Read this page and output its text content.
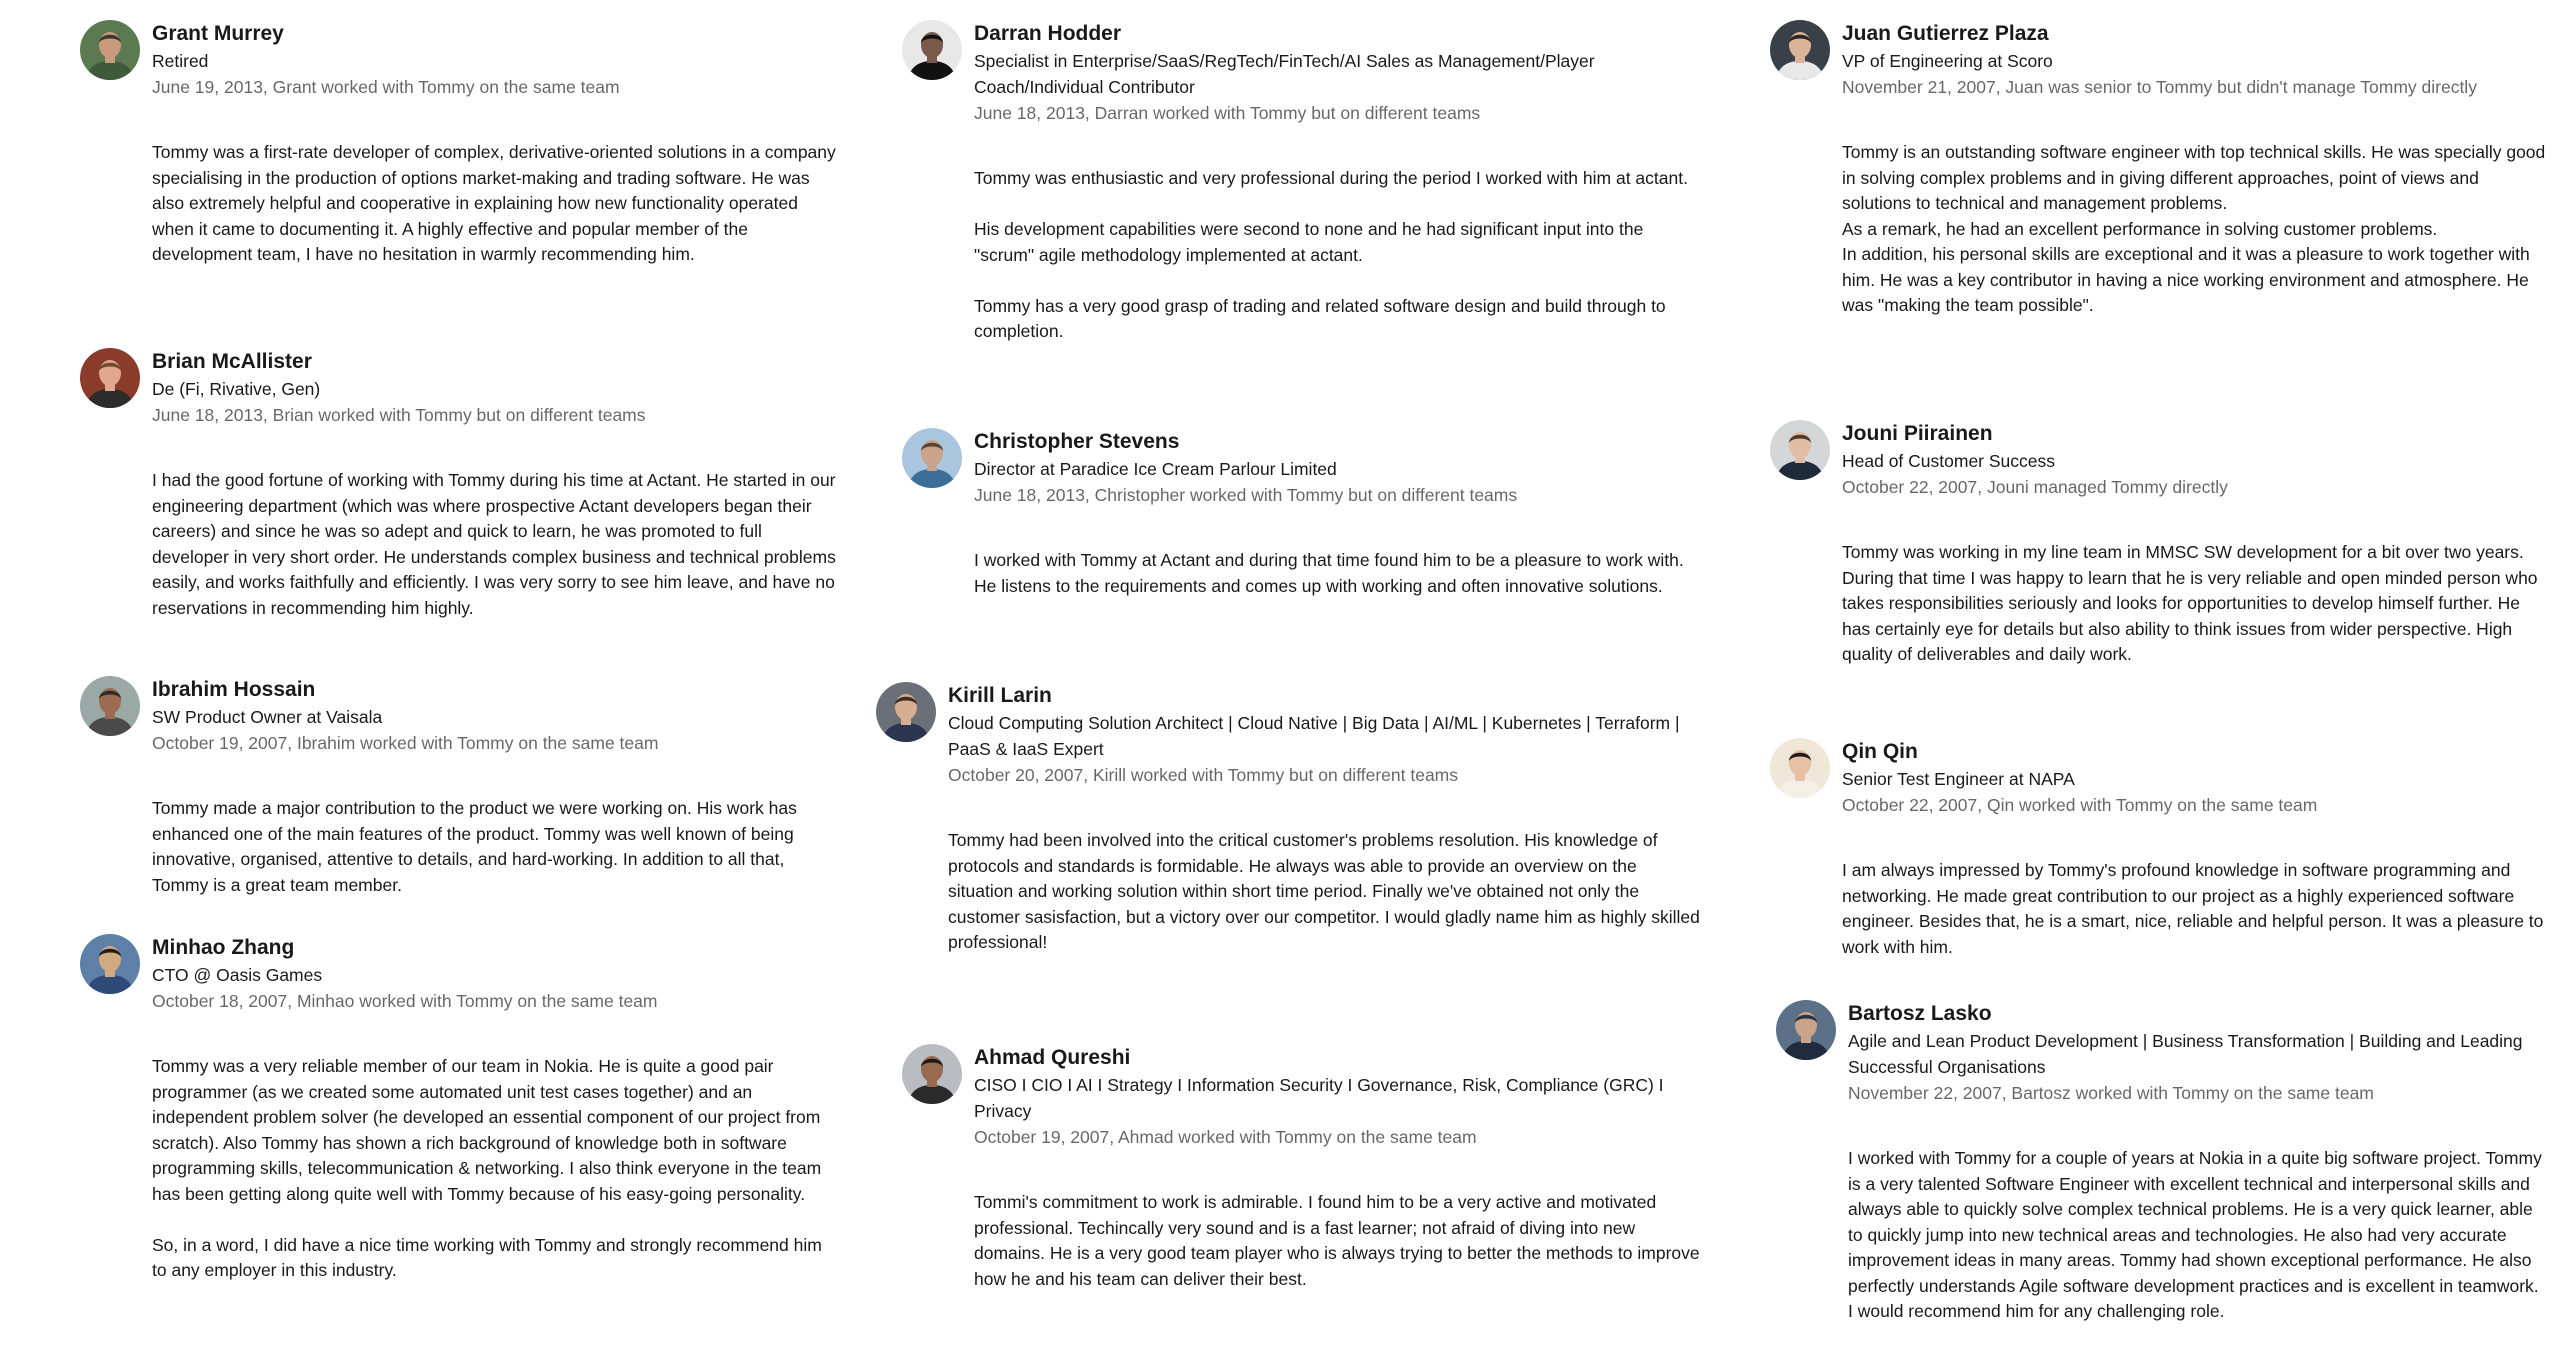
Grant Murrey
Retired
June 19, 2013, Grant worked with Tommy on the same team

Tommy was a first-rate developer of complex, derivative-oriented solutions in a company specialising in the production of options market-making and trading software. He was also extremely helpful and cooperative in explaining how new functionality operated when it came to documenting it. A highly effective and popular member of the development team, I have no hesitation in warmly recommending him.

Brian McAllister
De (Fi, Rivative, Gen)
June 18, 2013, Brian worked with Tommy but on different teams

I had the good fortune of working with Tommy during his time at Actant. He started in our engineering department (which was where prospective Actant developers began their careers) and since he was so adept and quick to learn, he was promoted to full developer in very short order. He understands complex business and technical problems easily, and works faithfully and efficiently. I was very sorry to see him leave, and have no reservations in recommending him highly.

Ibrahim Hossain
SW Product Owner at Vaisala
October 19, 2007, Ibrahim worked with Tommy on the same team

Tommy made a major contribution to the product we were working on. His work has enhanced one of the main features of the product. Tommy was well known of being innovative, organised, attentive to details, and hard-working. In addition to all that, Tommy is a great team member.

Minhao Zhang
CTO @ Oasis Games
October 18, 2007, Minhao worked with Tommy on the same team

Tommy was a very reliable member of our team in Nokia. He is quite a good pair programmer (as we created some automated unit test cases together) and an independent problem solver (he developed an essential component of our project from scratch). Also Tommy has shown a rich background of knowledge both in software programming skills, telecommunication & networking. I also think everyone in the team has been getting along quite well with Tommy because of his easy-going personality.

So, in a word, I did have a nice time working with Tommy and strongly recommend him to any employer in this industry.

Darran Hodder
Specialist in Enterprise/SaaS/RegTech/FinTech/AI Sales as Management/Player Coach/Individual Contributor
June 18, 2013, Darran worked with Tommy but on different teams

Tommy was enthusiastic and very professional during the period I worked with him at actant.

His development capabilities were second to none and he had significant input into the "scrum" agile methodology implemented at actant.

Tommy has a very good grasp of trading and related software design and build through to completion.

Christopher Stevens
Director at Paradice Ice Cream Parlour Limited
June 18, 2013, Christopher worked with Tommy but on different teams

I worked with Tommy at Actant and during that time found him to be a pleasure to work with. He listens to the requirements and comes up with working and often innovative solutions.

Kirill Larin
Cloud Computing Solution Architect | Cloud Native | Big Data | AI/ML | Kubernetes | Terraform | PaaS & IaaS Expert
October 20, 2007, Kirill worked with Tommy but on different teams

Tommy had been involved into the critical customer's problems resolution. His knowledge of protocols and standards is formidable. He always was able to provide an overview on the situation and working solution within short time period. Finally we've obtained not only the customer sasisfaction, but a victory over our competitor. I would gladly name him as highly skilled professional!

Ahmad Qureshi
CISO I CIO I AI I Strategy I Information Security I Governance, Risk, Compliance (GRC) I Privacy
October 19, 2007, Ahmad worked with Tommy on the same team

Tommi's commitment to work is admirable. I found him to be a very active and motivated professional. Techincally very sound and is a fast learner; not afraid of diving into new domains. He is a very good team player who is always trying to better the methods to improve how he and his team can deliver their best.

Juan Gutierrez Plaza
VP of Engineering at Scoro
November 21, 2007, Juan was senior to Tommy but didn't manage Tommy directly

Tommy is an outstanding software engineer with top technical skills. He was specially good in solving complex problems and in giving different approaches, point of views and solutions to technical and management problems.
As a remark, he had an excellent performance in solving customer problems.
In addition, his personal skills are exceptional and it was a pleasure to work together with him. He was a key contributor in having a nice working environment and atmosphere. He was "making the team possible".

Jouni Piirainen
Head of Customer Success
October 22, 2007, Jouni managed Tommy directly

Tommy was working in my line team in MMSC SW development for a bit over two years. During that time I was happy to learn that he is very reliable and open minded person who takes responsibilities seriously and looks for opportunities to develop himself further. He has certainly eye for details but also ability to think issues from wider perspective. High quality of deliverables and daily work.

Qin Qin
Senior Test Engineer at NAPA
October 22, 2007, Qin worked with Tommy on the same team

I am always impressed by Tommy's profound knowledge in software programming and networking. He made great contribution to our project as a highly experienced software engineer. Besides that, he is a smart, nice, reliable and helpful person. It was a pleasure to work with him.

Bartosz Lasko
Agile and Lean Product Development | Business Transformation | Building and Leading Successful Organisations
November 22, 2007, Bartosz worked with Tommy on the same team

I worked with Tommy for a couple of years at Nokia in a quite big software project. Tommy is a very talented Software Engineer with excellent technical and interpersonal skills and always able to quickly solve complex technical problems. He is a very quick learner, able to quickly jump into new technical areas and technologies. He also had very accurate improvement ideas in many areas. Tommy had shown exceptional performance. He also perfectly understands Agile software development practices and is excellent in teamwork. I would recommend him for any challenging role.
